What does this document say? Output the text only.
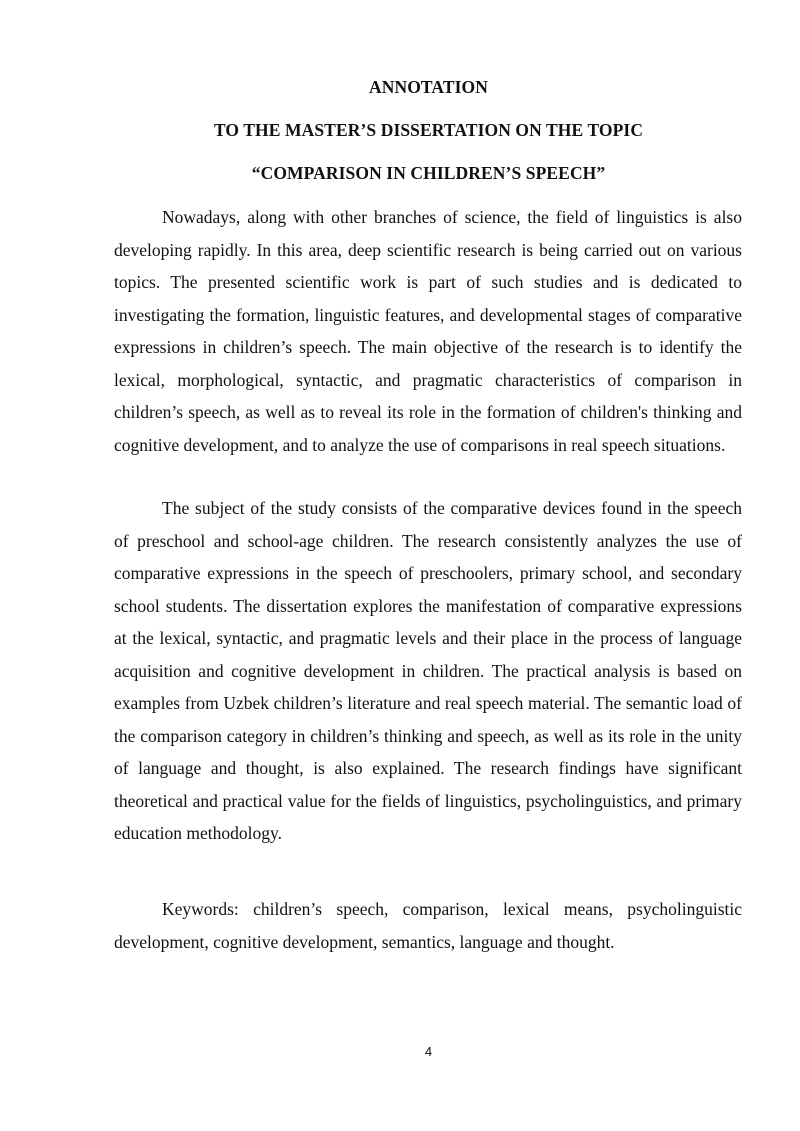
ANNOTATION
TO THE MASTER’S DISSERTATION ON THE TOPIC
“COMPARISON IN CHILDREN’S SPEECH”

Nowadays, along with other branches of science, the field of linguistics is also developing rapidly. In this area, deep scientific research is being carried out on various topics. The presented scientific work is part of such studies and is dedicated to investigating the formation, linguistic features, and developmental stages of comparative expressions in children’s speech. The main objective of the research is to identify the lexical, morphological, syntactic, and pragmatic characteristics of comparison in children’s speech, as well as to reveal its role in the formation of children's thinking and cognitive development, and to analyze the use of comparisons in real speech situations.

The subject of the study consists of the comparative devices found in the speech of preschool and school-age children. The research consistently analyzes the use of comparative expressions in the speech of preschoolers, primary school, and secondary school students. The dissertation explores the manifestation of comparative expressions at the lexical, syntactic, and pragmatic levels and their place in the process of language acquisition and cognitive development in children. The practical analysis is based on examples from Uzbek children’s literature and real speech material. The semantic load of the comparison category in children’s thinking and speech, as well as its role in the unity of language and thought, is also explained. The research findings have significant theoretical and practical value for the fields of linguistics, psycholinguistics, and primary education methodology.

Keywords: children’s speech, comparison, lexical means, psycholinguistic development, cognitive development, semantics, language and thought.

4
